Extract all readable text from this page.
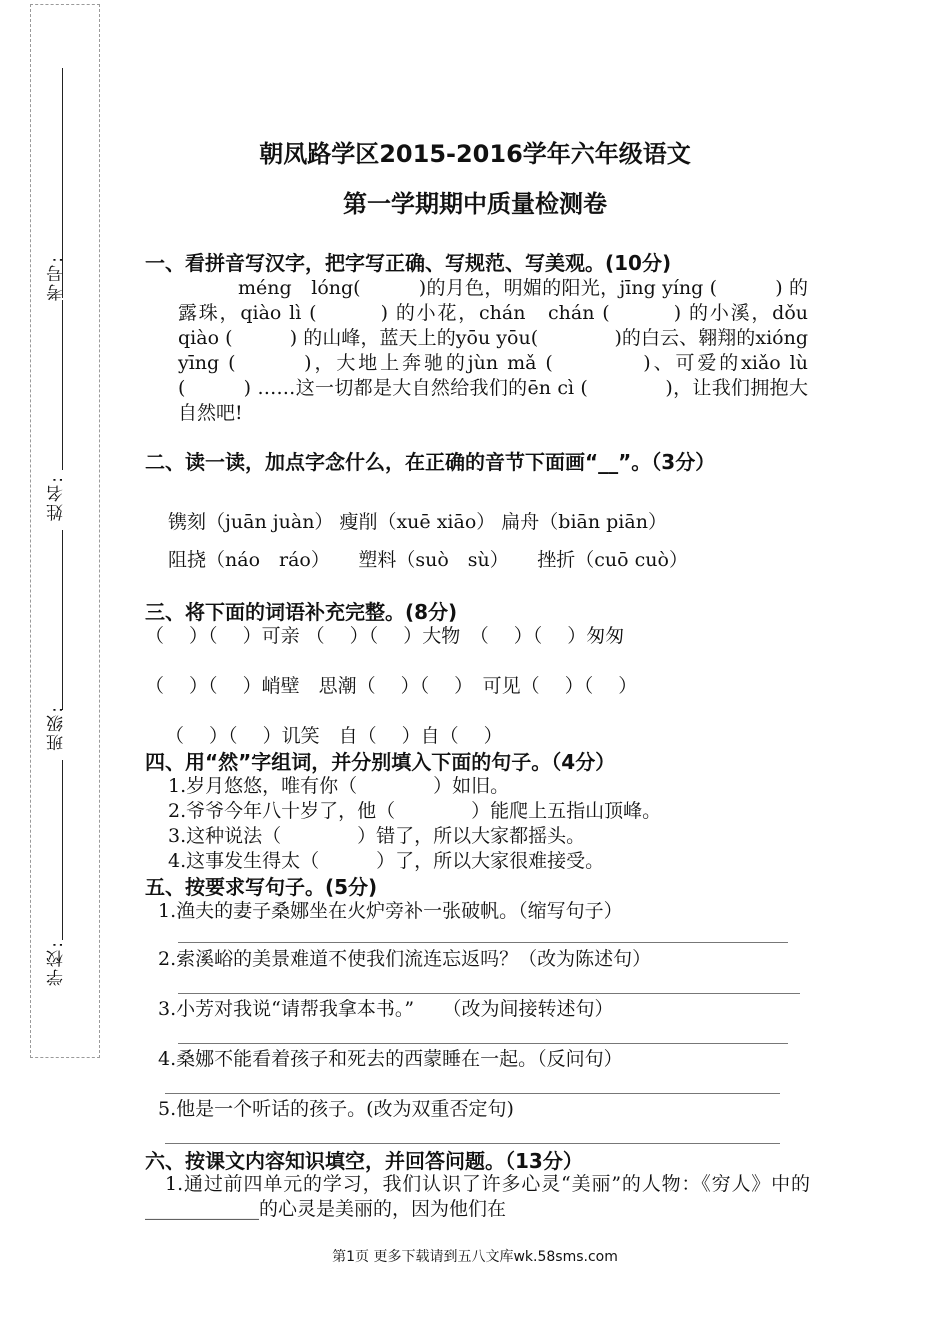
考号:
姓名:
班级:
学校:
朝凤路学区2015-2016学年六年级语文
第一学期期中质量检测卷
一、看拼音写汉字，把字写正确、写规范、写美观。(10分)
méng　lóng(　　　)的月色，明媚的阳光，jīng yíng (　　　) 的露珠，qiào lì (　　　) 的小花，chán　chán (　　　) 的小溪，dǒu　qiào (　　　) 的山峰，蓝天上的yōu yōu(　　　　)的白云、翱翔的xióng yīng (　　　)，大地上奔驰的jùn mǎ (　　　　)、可爱的xiǎo lù (　　　) ……这一切都是大自然给我们的ēn cì (　　　　)，让我们拥抱大自然吧!
二、读一读，加点字念什么，在正确的音节下面画“__”。（3分）
镌刻（juān juàn） 瘦削（xuē xiāo） 扁舟（biān piān）
阻挠（náo　ráo）　　塑料（suò　sù）　　挫折（cuō cuò）
三、将下面的词语补充完整。(8分)
（　 ）（　 ）可亲 （　 ）（　 ）大物　（　 ）（　 ）匆匆
（　 ）（　 ）峭壁　思潮（　 ）（　 ）　可见（　 ）（　 ）
（　 ）（　 ）讥笑　自（　 ）自（　 ）
四、用“然”字组词，并分别填入下面的句子。（4分）
1.岁月悠悠，唯有你（　　　　）如旧。
2.爷爷今年八十岁了，他（　　　　）能爬上五指山顶峰。
3.这种说法（　　　　）错了，所以大家都摇头。
4.这事发生得太（　　　）了，所以大家很难接受。
五、按要求写句子。(5分)
1.渔夫的妻子桑娜坐在火炉旁补一张破帆。（缩写句子）
2.索溪峪的美景难道不使我们流连忘返吗？（改为陈述句）
3.小芳对我说“请帮我拿本书。”　　（改为间接转述句）
4.桑娜不能看着孩子和死去的西蒙睡在一起。（反问句）
5.他是一个听话的孩子。(改为双重否定句)
六、按课文内容知识填空，并回答问题。（13分）
1.通过前四单元的学习，我们认识了许多心灵“美丽”的人物：《穷人》中的____________的心灵是美丽的，因为他们在
第1页 更多下载请到五八文库wk.58sms.com
